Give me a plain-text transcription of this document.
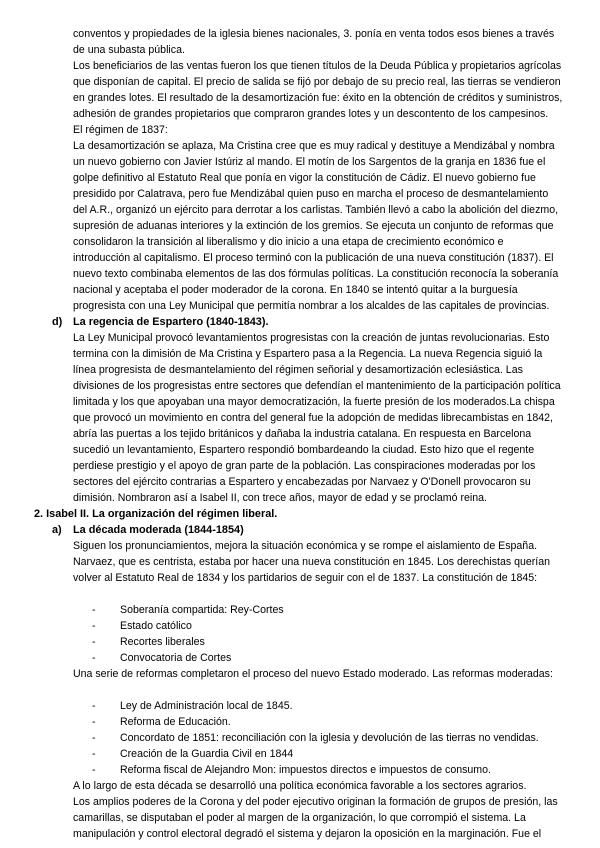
conventos y propiedades de la iglesia bienes nacionales, 3. ponía en venta todos esos bienes a través de una subasta pública.

Los beneficiarios de las ventas fueron los que tienen títulos de la Deuda Pública y propietarios agrícolas que disponían de capital. El precio de salida se fijó por debajo de su precio real, las tierras se vendieron en grandes lotes. El resultado de la desamortización fue: éxito en la obtención de créditos y suministros, adhesión de grandes propietarios que compraron grandes lotes y un descontento de los campesinos.

El régimen de 1837:

La desamortización se aplaza, Ma Cristina cree que es muy radical y destituye a Mendizábal y nombra un nuevo gobierno con Javier Istúriz al mando. El motín de los Sargentos de la granja en 1836 fue el golpe definitivo al Estatuto Real que ponía en vigor la constitución de Cádiz. El nuevo gobierno fue presidido por Calatrava, pero fue Mendizábal quien puso en marcha el proceso de desmantelamiento del A.R., organizó un ejército para derrotar a los carlistas. También llevó a cabo la abolición del diezmo, supresión de aduanas interiores y la extinción de los gremios. Se ejecuta un conjunto de reformas que consolidaron la transición al liberalismo y dio inicio a una etapa de crecimiento económico e introducción al capitalismo. El proceso terminó con la publicación de una nueva constitución (1837). El nuevo texto combinaba elementos de las dos fórmulas políticas. La constitución reconocía la soberanía nacional y aceptaba el poder moderador de la corona. En 1840 se intentó quitar a la burguesía progresista con una Ley Municipal que permitía nombrar a los alcaldes de las capitales de provincias.

d) La regencia de Espartero (1840-1843).

La Ley Municipal provocó levantamientos progresistas con la creación de juntas revolucionarias. Esto termina con la dimisión de Ma Cristina y Espartero pasa a la Regencia. La nueva Regencia siguió la línea progresista de desmantelamiento del régimen señorial y desamortización eclesiástica. Las divisiones de los progresistas entre sectores que defendían el mantenimiento de la participación política limitada y los que apoyaban una mayor democratización, la fuerte presión de los moderados.La chispa que provocó un movimiento en contra del general fue la adopción de medidas librecambistas en 1842, abría las puertas a los tejido británicos y dañaba la industria catalana. En respuesta en Barcelona sucedió un levantamiento, Espartero respondió bombardeando la ciudad. Esto hizo que el regente perdiese prestigio y el apoyo de gran parte de la población. Las conspiraciones moderadas por los sectores del ejército contrarias a Espartero y encabezadas por Narvaez y O'Donell provocaron su dimisión. Nombraron así a Isabel II, con trece años, mayor de edad y se proclamó reina.

2. Isabel II. La organización del régimen liberal.
a) La década moderada (1844-1854)

Siguen los pronunciamientos, mejora la situación económica y se rompe el aislamiento de España. Narvaez, que es centrista, estaba por hacer una nueva constitución en 1845. Los derechistas querían volver al Estatuto Real de 1834 y los partidarios de seguir con el de 1837. La constitución de 1845:

- Soberanía compartida: Rey-Cortes
- Estado católico
- Recortes liberales
- Convocatoria de Cortes

Una serie de reformas completaron el proceso del nuevo Estado moderado. Las reformas moderadas:

- Ley de Administración local de 1845.
- Reforma de Educación.
- Concordato de 1851: reconciliación con la iglesia y devolución de las tierras no vendidas.
- Creación de la Guardia Civil en 1844
- Reforma fiscal de Alejandro Mon: impuestos directos e impuestos de consumo.

A lo largo de esta década se desarrolló una política económica favorable a los sectores agrarios.

Los amplios poderes de la Corona y del poder ejecutivo originan la formación de grupos de presión, las camarillas, se disputaban el poder al margen de la organización, lo que corrompió el sistema. La manipulación y control electoral degradó el sistema y dejaron la oposición en la marginación. Fue el
